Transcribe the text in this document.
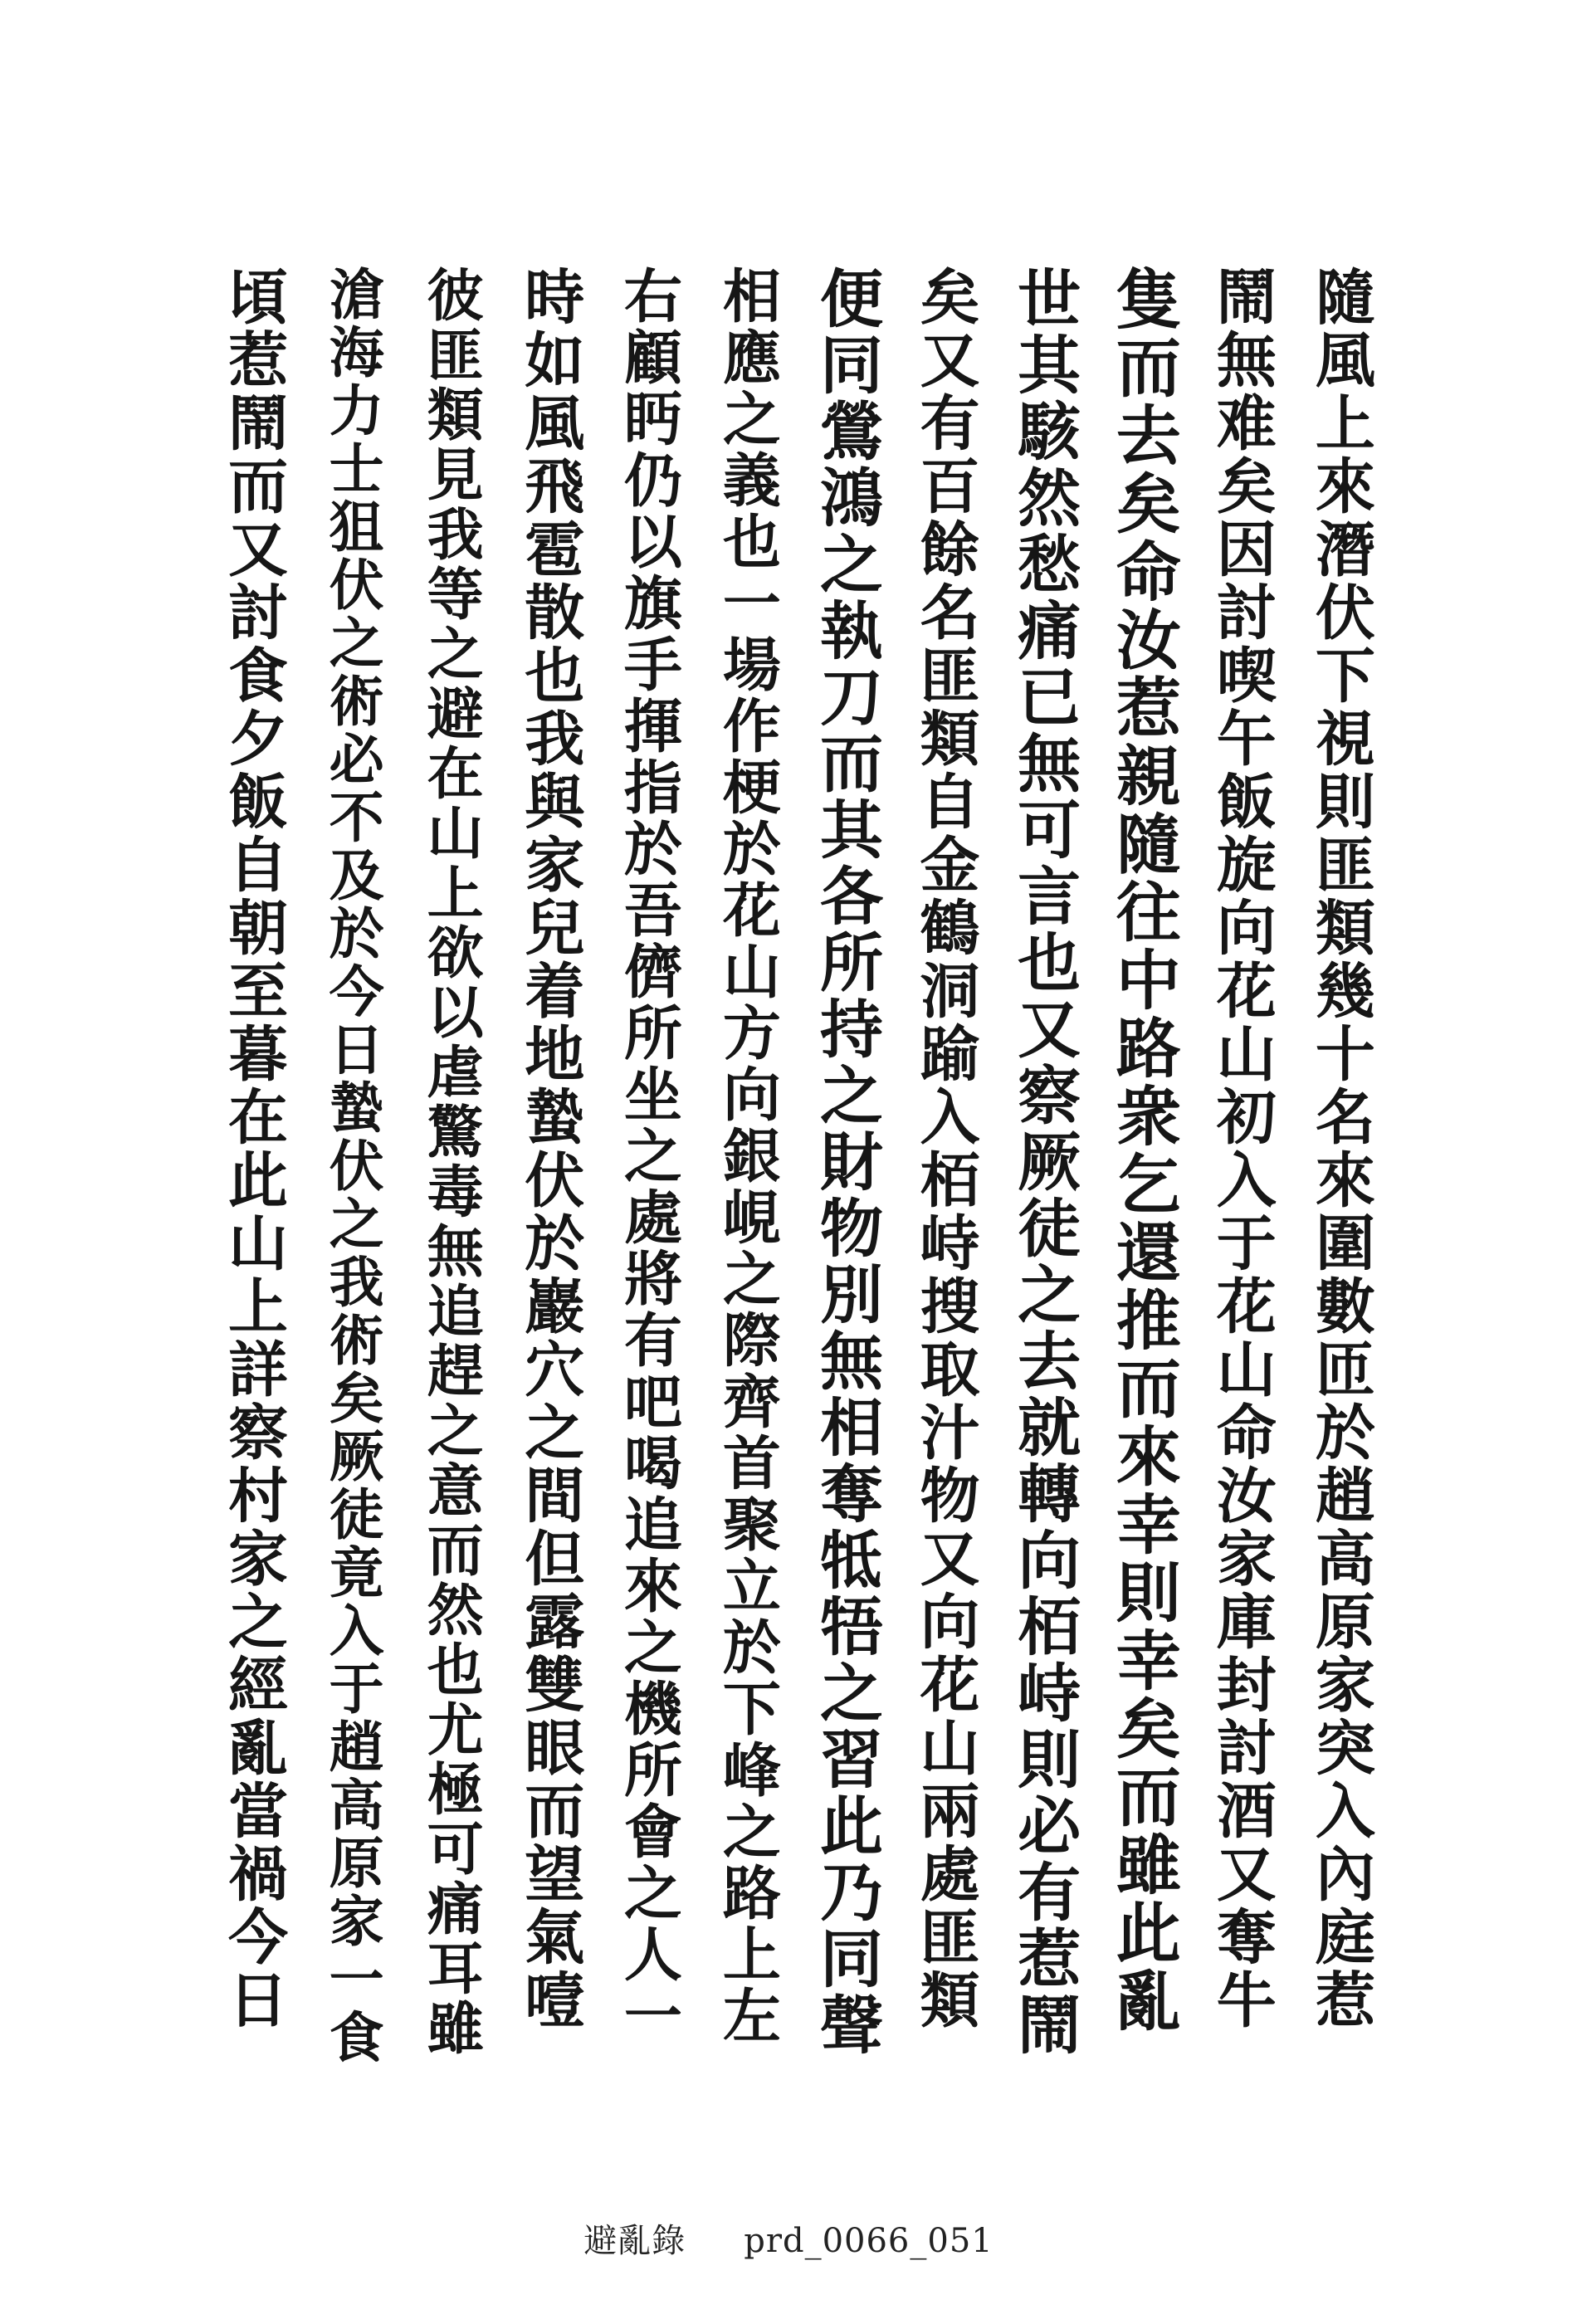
隨風上來潛伏下視則匪類幾十名來圍數匝於趙高原家突入內庭惹
鬧無难矣因討喫午飯旋向花山初入于花山命汝家庫封討酒又奪牛
隻而去矣命汝惹親隨往中路衆乞還推而來幸則幸矣而雖此亂
世其駭然愁痛已無可言也又察厥徒之去就轉向栢峙則必有惹鬧
矣又有百餘名匪類自金鶴洞踰入栢峙搜取汁物又向花山兩處匪類
便同鶯鴻之執刀而其各所持之財物別無相奪牴牾之習此乃同聲
相應之義也一場作梗於花山方向銀峴之際齊首聚立於下峰之路上左
右顧眄仍以旗手揮指於吾儕所坐之處將有吧喝追來之機所會之人一
時如風飛雹散也我與家兒着地蟄伏於巖穴之間但露雙眼而望氣噎
彼匪類見我等之避在山上欲以虐驚毒無追趕之意而然也尤極可痛耳雖
滄海力士狙伏之術必不及於今日蟄伏之我術矣厥徒竟入于趙高原家一食
頃惹鬧而又討食夕飯自朝至暮在此山上詳察村家之經亂當禍今日
避亂錄 prd_0066_051
